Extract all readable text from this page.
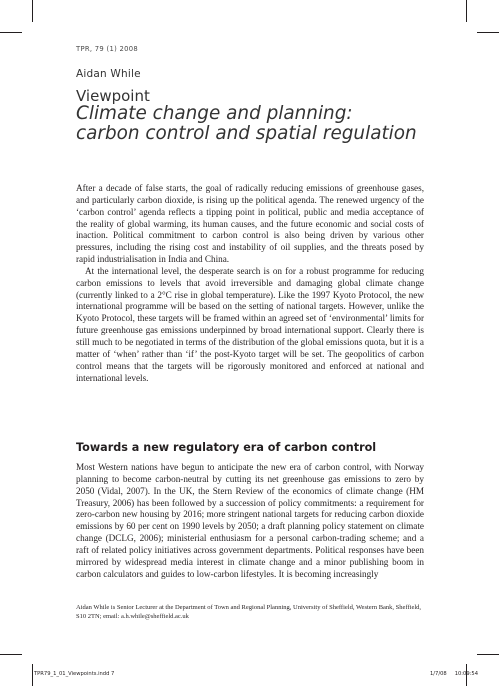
TPR, 79 (1) 2008
Aidan While
Viewpoint
Climate change and planning:
carbon control and spatial regulation

After a decade of false starts, the goal of radically reducing emissions of greenhouse gases, and particularly carbon dioxide, is rising up the political agenda. The renewed urgency of the ‘carbon control’ agenda reflects a tipping point in political, public and media acceptance of the reality of global warming, its human causes, and the future economic and social costs of inaction. Political commitment to carbon control is also being driven by various other pressures, including the rising cost and instability of oil supplies, and the threats posed by rapid industrialisation in India and China.

At the international level, the desperate search is on for a robust programme for reducing carbon emissions to levels that avoid irreversible and damaging global climate change (currently linked to a 2°C rise in global temperature). Like the 1997 Kyoto Protocol, the new international programme will be based on the setting of national targets. However, unlike the Kyoto Protocol, these targets will be framed within an agreed set of ‘environmental’ limits for future greenhouse gas emissions underpinned by broad international support. Clearly there is still much to be negotiated in terms of the distribution of the global emissions quota, but it is a matter of ‘when’ rather than ‘if’ the post-Kyoto target will be set. The geopolitics of carbon control means that the targets will be rigorously monitored and enforced at national and international levels.

Towards a new regulatory era of carbon control

Most Western nations have begun to anticipate the new era of carbon control, with Norway planning to become carbon-neutral by cutting its net greenhouse gas emissions to zero by 2050 (Vidal, 2007). In the UK, the Stern Review of the economics of climate change (HM Treasury, 2006) has been followed by a succession of policy commitments: a requirement for zero-carbon new housing by 2016; more stringent national targets for reducing carbon dioxide emissions by 60 per cent on 1990 levels by 2050; a draft planning policy statement on climate change (DCLG, 2006); ministerial enthusiasm for a personal carbon-trading scheme; and a raft of related policy initiatives across government departments. Political responses have been mirrored by widespread media interest in climate change and a minor publishing boom in carbon calculators and guides to low-carbon lifestyles. It is becoming increasingly

Aidan While is Senior Lecturer at the Department of Town and Regional Planning, University of Sheffield, Western Bank, Sheffield, S10 2TN; email: a.h.while@sheffield.ac.uk
TPR79_1_01_Viewpoints.indd 7	1/7/08 10:09:54
